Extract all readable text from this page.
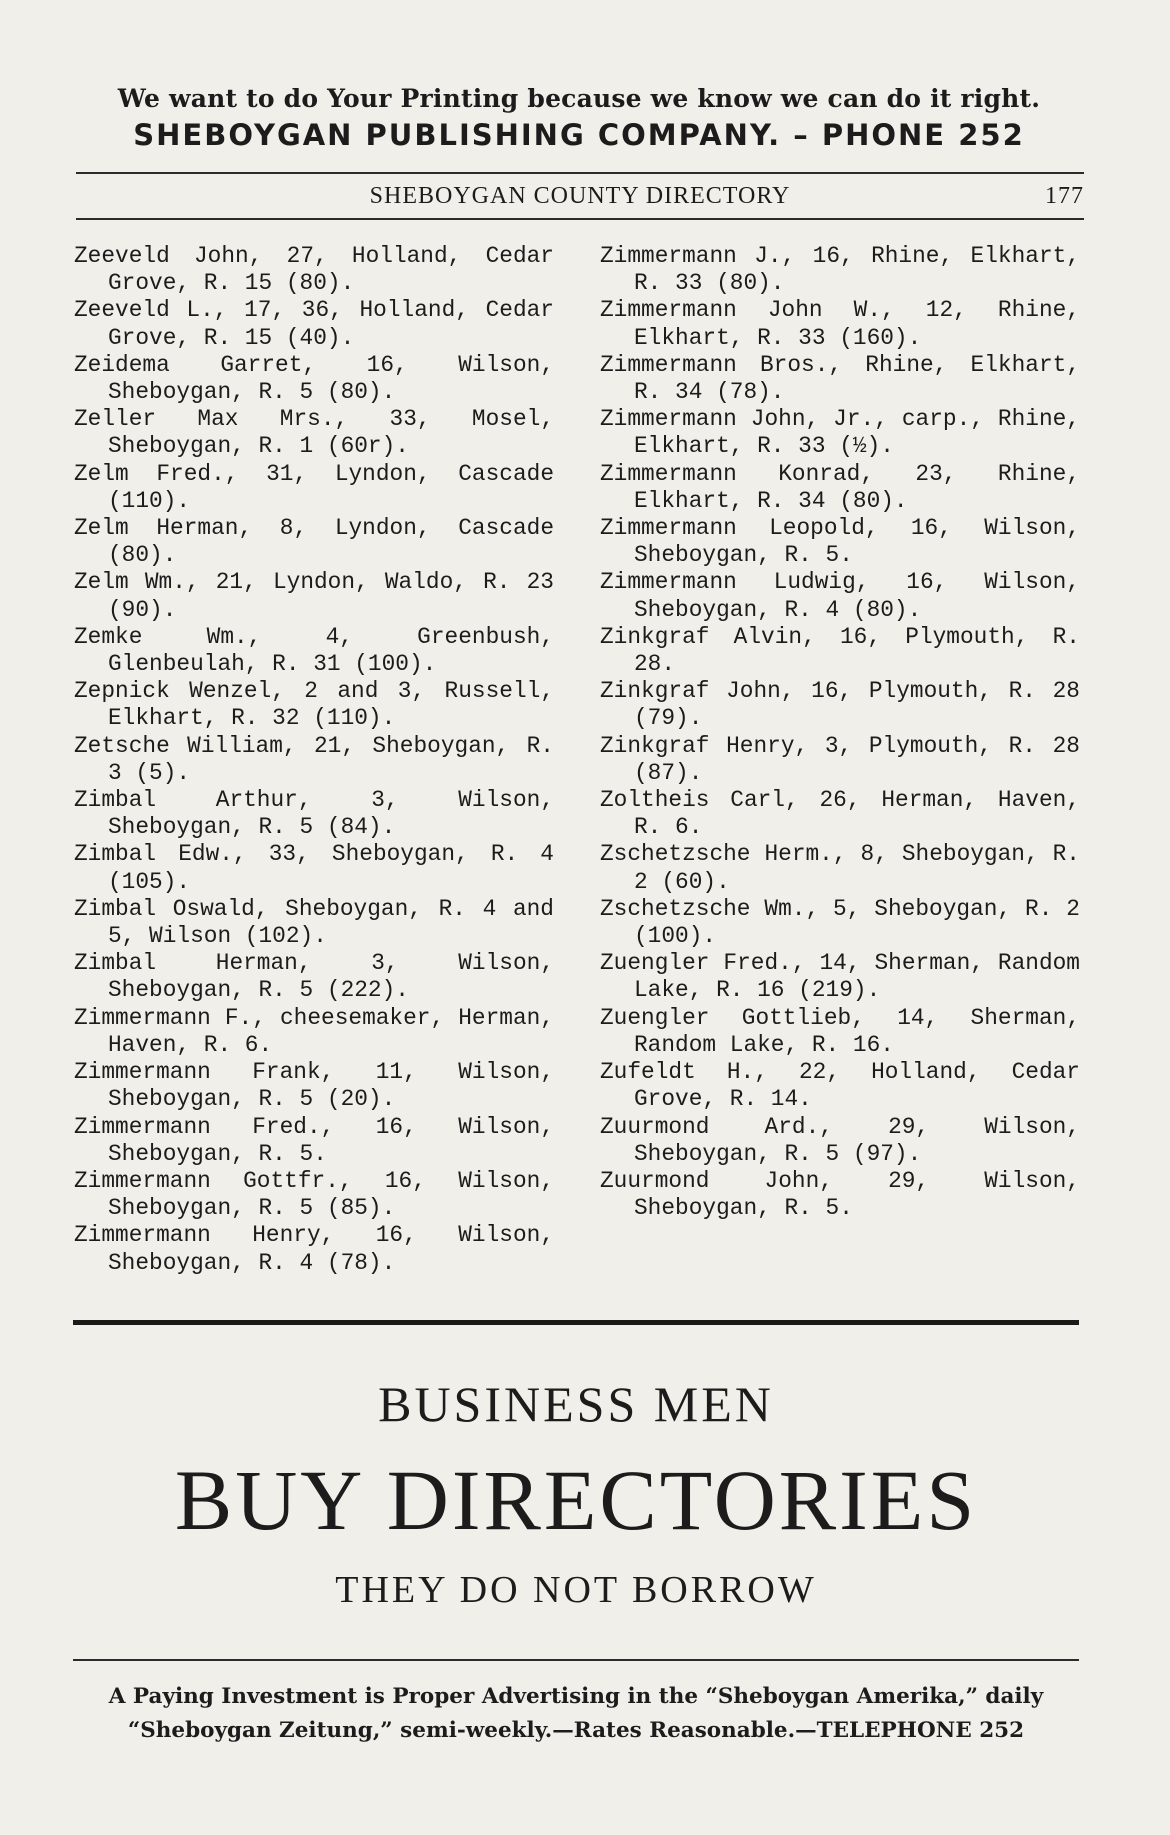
We want to do Your Printing because we know we can do it right.
SHEBOYGAN PUBLISHING COMPANY. – PHONE 252
SHEBOYGAN COUNTY DIRECTORY	177
Zeeveld John, 27, Holland, Cedar Grove, R. 15 (80).
Zeeveld L., 17, 36, Holland, Cedar Grove, R. 15 (40).
Zeidema Garret, 16, Wilson, Sheboygan, R. 5 (80).
Zeller Max Mrs., 33, Mosel, Sheboygan, R. 1 (60r).
Zelm Fred., 31, Lyndon, Cascade (110).
Zelm Herman, 8, Lyndon, Cascade (80).
Zelm Wm., 21, Lyndon, Waldo, R. 23 (90).
Zemke Wm., 4, Greenbush, Glenbeulah, R. 31 (100).
Zepnick Wenzel, 2 and 3, Russell, Elkhart, R. 32 (110).
Zetsche William, 21, Sheboygan, R. 3 (5).
Zimbal Arthur, 3, Wilson, Sheboygan, R. 5 (84).
Zimbal Edw., 33, Sheboygan, R. 4 (105).
Zimbal Oswald, Sheboygan, R. 4 and 5, Wilson (102).
Zimbal Herman, 3, Wilson, Sheboygan, R. 5 (222).
Zimmermann F., cheesemaker, Herman, Haven, R. 6.
Zimmermann Frank, 11, Wilson, Sheboygan, R. 5 (20).
Zimmermann Fred., 16, Wilson, Sheboygan, R. 5.
Zimmermann Gottfr., 16, Wilson, Sheboygan, R. 5 (85).
Zimmermann Henry, 16, Wilson, Sheboygan, R. 4 (78).
Zimmermann J., 16, Rhine, Elkhart, R. 33 (80).
Zimmermann John W., 12, Rhine, Elkhart, R. 33 (160).
Zimmermann Bros., Rhine, Elkhart, R. 34 (78).
Zimmermann John, Jr., carp., Rhine, Elkhart, R. 33 (½).
Zimmermann Konrad, 23, Rhine, Elkhart, R. 34 (80).
Zimmermann Leopold, 16, Wilson, Sheboygan, R. 5.
Zimmermann Ludwig, 16, Wilson, Sheboygan, R. 4 (80).
Zinkgraf Alvin, 16, Plymouth, R. 28.
Zinkgraf John, 16, Plymouth, R. 28 (79).
Zinkgraf Henry, 3, Plymouth, R. 28 (87).
Zoltheis Carl, 26, Herman, Haven, R. 6.
Zschetzsche Herm., 8, Sheboygan, R. 2 (60).
Zschetzsche Wm., 5, Sheboygan, R. 2 (100).
Zuengler Fred., 14, Sherman, Random Lake, R. 16 (219).
Zuengler Gottlieb, 14, Sherman, Random Lake, R. 16.
Zufeldt H., 22, Holland, Cedar Grove, R. 14.
Zuurmond Ard., 29, Wilson, Sheboygan, R. 5 (97).
Zuurmond John, 29, Wilson, Sheboygan, R. 5.
BUSINESS MEN
BUY DIRECTORIES
THEY DO NOT BORROW
A Paying Investment is Proper Advertising in the “Sheboygan Amerika,” daily
“Sheboygan Zeitung,” semi-weekly.—Rates Reasonable.—TELEPHONE 252
